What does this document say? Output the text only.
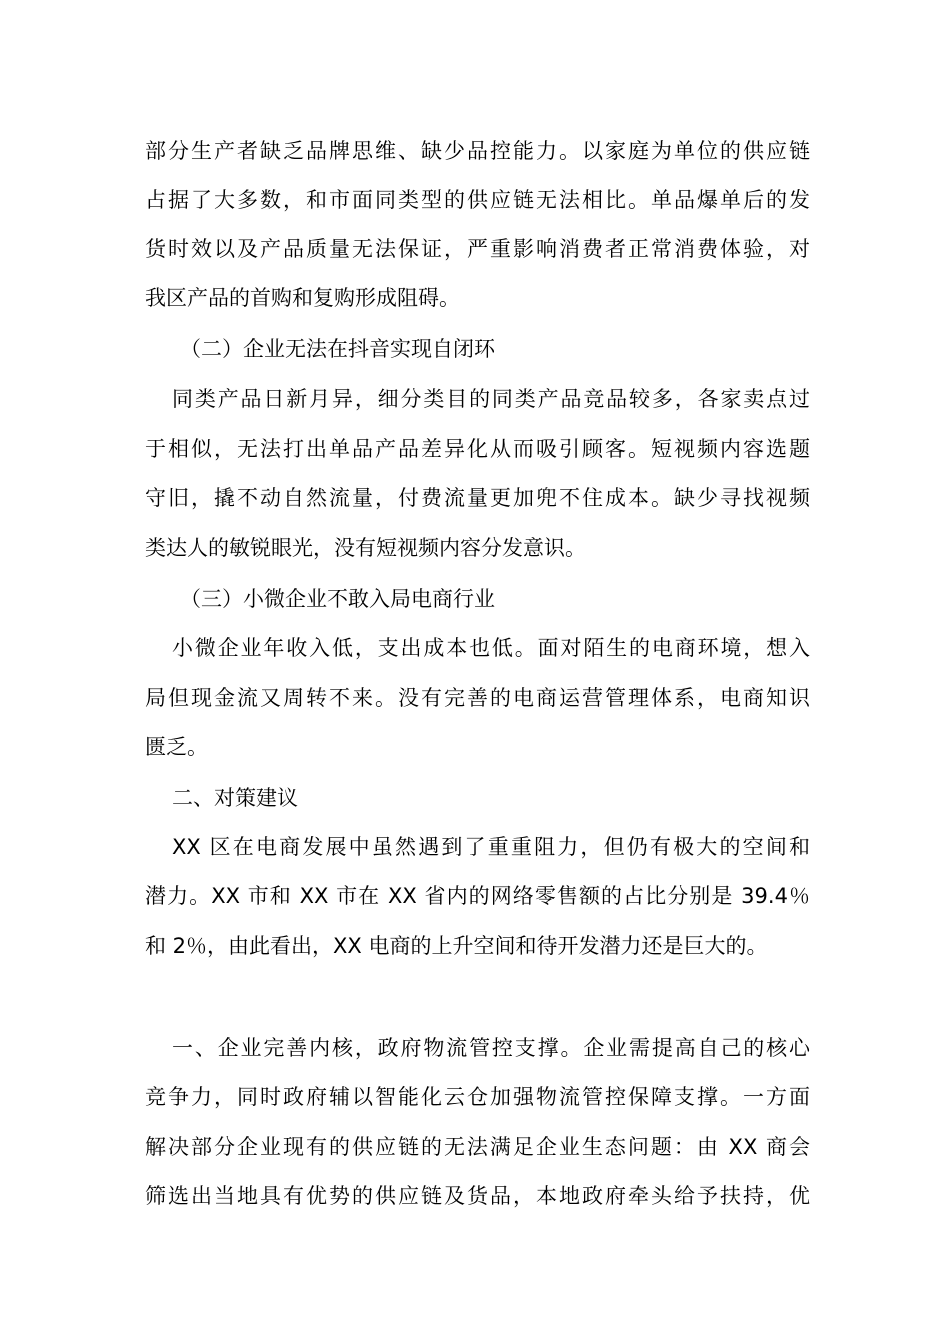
部分生产者缺乏品牌思维、缺少品控能力。以家庭为单位的供应链

占据了大多数，和市面同类型的供应链无法相比。单品爆单后的发

货时效以及产品质量无法保证，严重影响消费者正常消费体验，对

我区产品的首购和复购形成阻碍。

（二）企业无法在抖音实现自闭环

同类产品日新月异，细分类目的同类产品竞品较多，各家卖点过

于相似，无法打出单品产品差异化从而吸引顾客。短视频内容选题

守旧，撬不动自然流量，付费流量更加兜不住成本。缺少寻找视频

类达人的敏锐眼光，没有短视频内容分发意识。

（三）小微企业不敢入局电商行业

小微企业年收入低，支出成本也低。面对陌生的电商环境，想入

局但现金流又周转不来。没有完善的电商运营管理体系，电商知识

匮乏。

二、对策建议

XX 区在电商发展中虽然遇到了重重阻力，但仍有极大的空间和

潜力。XX 市和 XX 市在 XX 省内的网络零售额的占比分别是 39.4％

和 2％，由此看出，XX 电商的上升空间和待开发潜力还是巨大的。

一、企业完善内核，政府物流管控支撑。企业需提高自己的核心

竞争力，同时政府辅以智能化云仓加强物流管控保障支撑。一方面

解决部分企业现有的供应链的无法满足企业生态问题：由 XX 商会

筛选出当地具有优势的供应链及货品，本地政府牵头给予扶持，优
